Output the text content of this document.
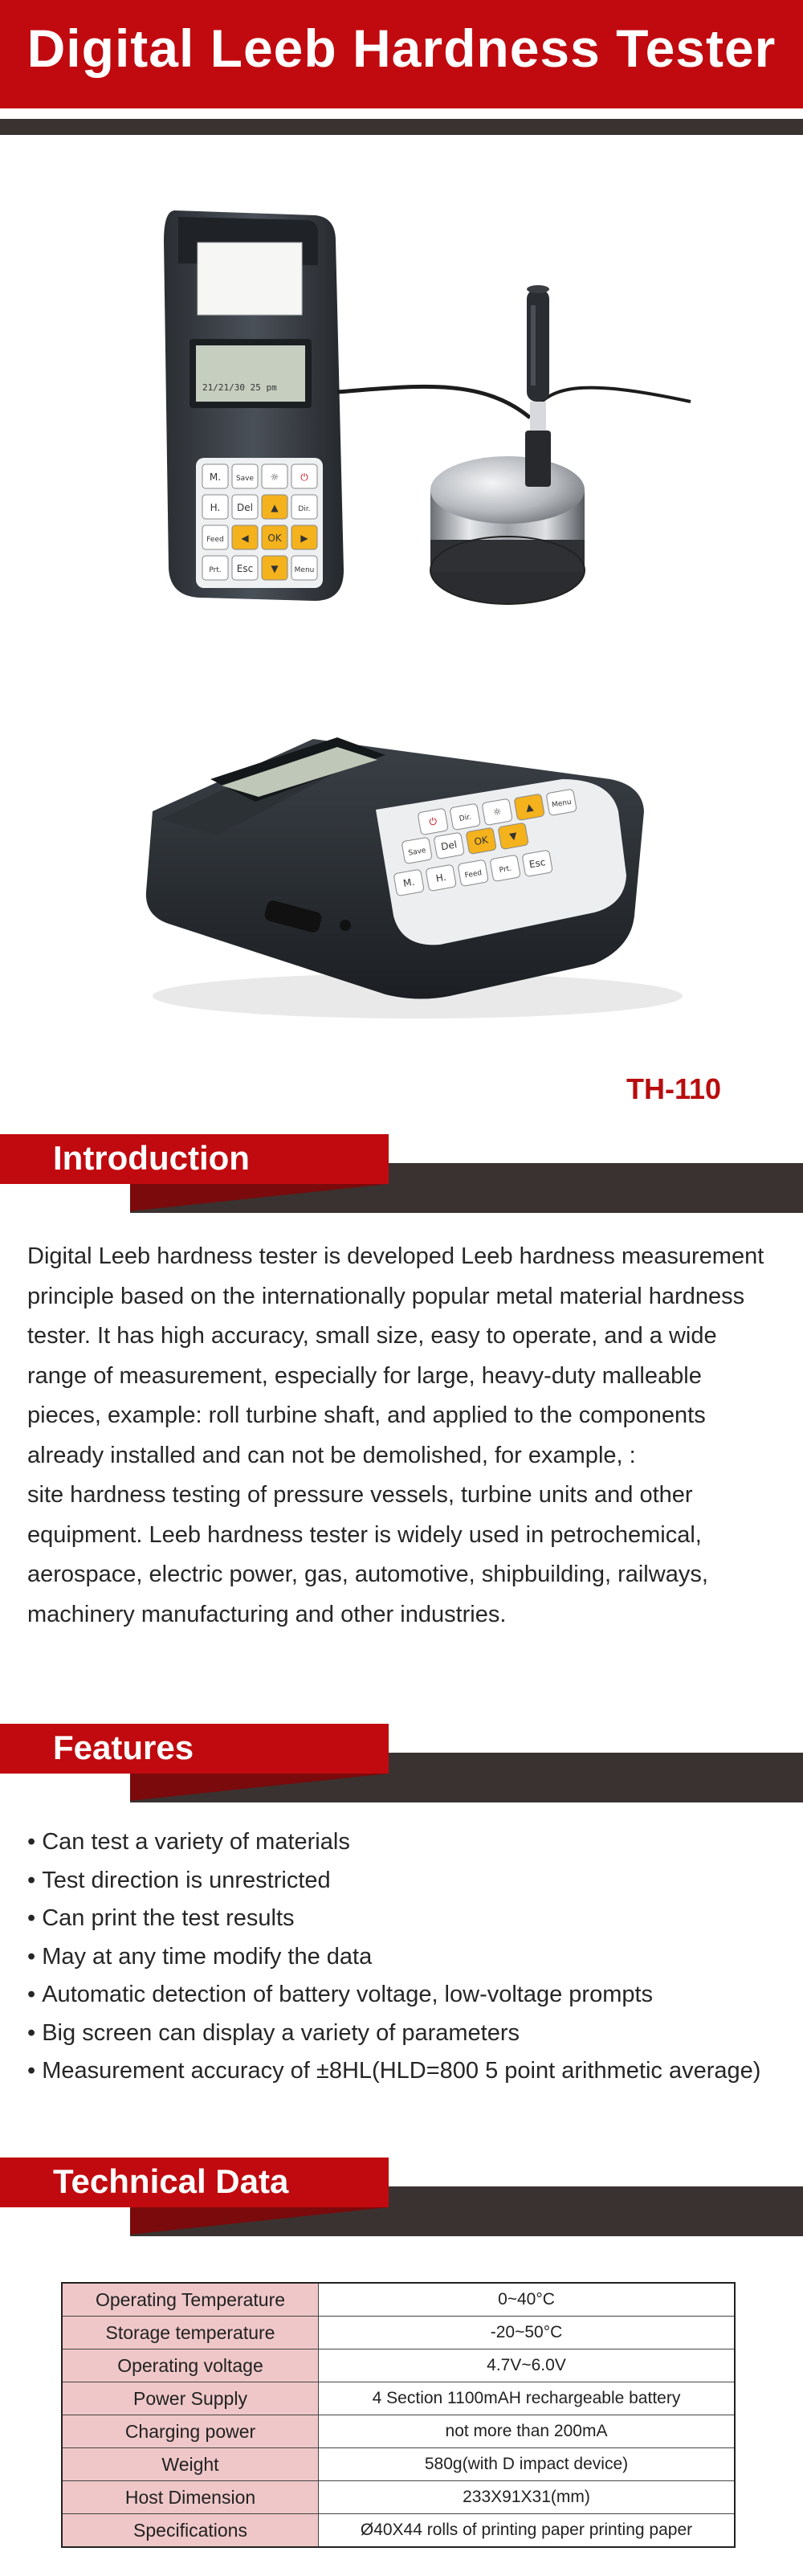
Digital Leeb Hardness Tester
21/21/30 25 pm
M. Save ☼ ⏻
H. Del ▲	Dir.
Feed ◀ OK ▶
Prt. Esc ▼ Menu
⏻	Dir.
☼ ▲ Menu
Save Del OK ▼
M. H. Feed Prt. Esc
TH-110
Introduction
Digital Leeb hardness tester is developed Leeb hardness measurement
principle based on the internationally popular metal material hardness
tester. It has high accuracy, small size, easy to operate, and a wide
range of measurement, especially for large, heavy-duty malleable
pieces, example: roll turbine shaft, and applied to the components
already installed and can not be demolished, for example, :
site hardness testing of pressure vessels, turbine units and other
equipment. Leeb hardness tester is widely used in petrochemical,
aerospace, electric power, gas, automotive, shipbuilding, railways,
machinery manufacturing and other industries.
Features
• Can test a variety of materials
• Test direction is unrestricted
• Can print the test results
• May at any time modify the data
• Automatic detection of battery voltage, low-voltage prompts
• Big screen can display a variety of parameters
• Measurement accuracy of ±8HL(HLD=800 5 point arithmetic average)
Technical Data
Operating Temperature	0~40°C
Storage temperature	-20~50°C
Operating voltage	4.7V~6.0V
Power Supply	4 Section 1100mAH rechargeable battery
Charging power	not more than 200mA
Weight	580g(with D impact device)
Host Dimension	233X91X31(mm)
Specifications	Ø40X44 rolls of printing paper printing paper
